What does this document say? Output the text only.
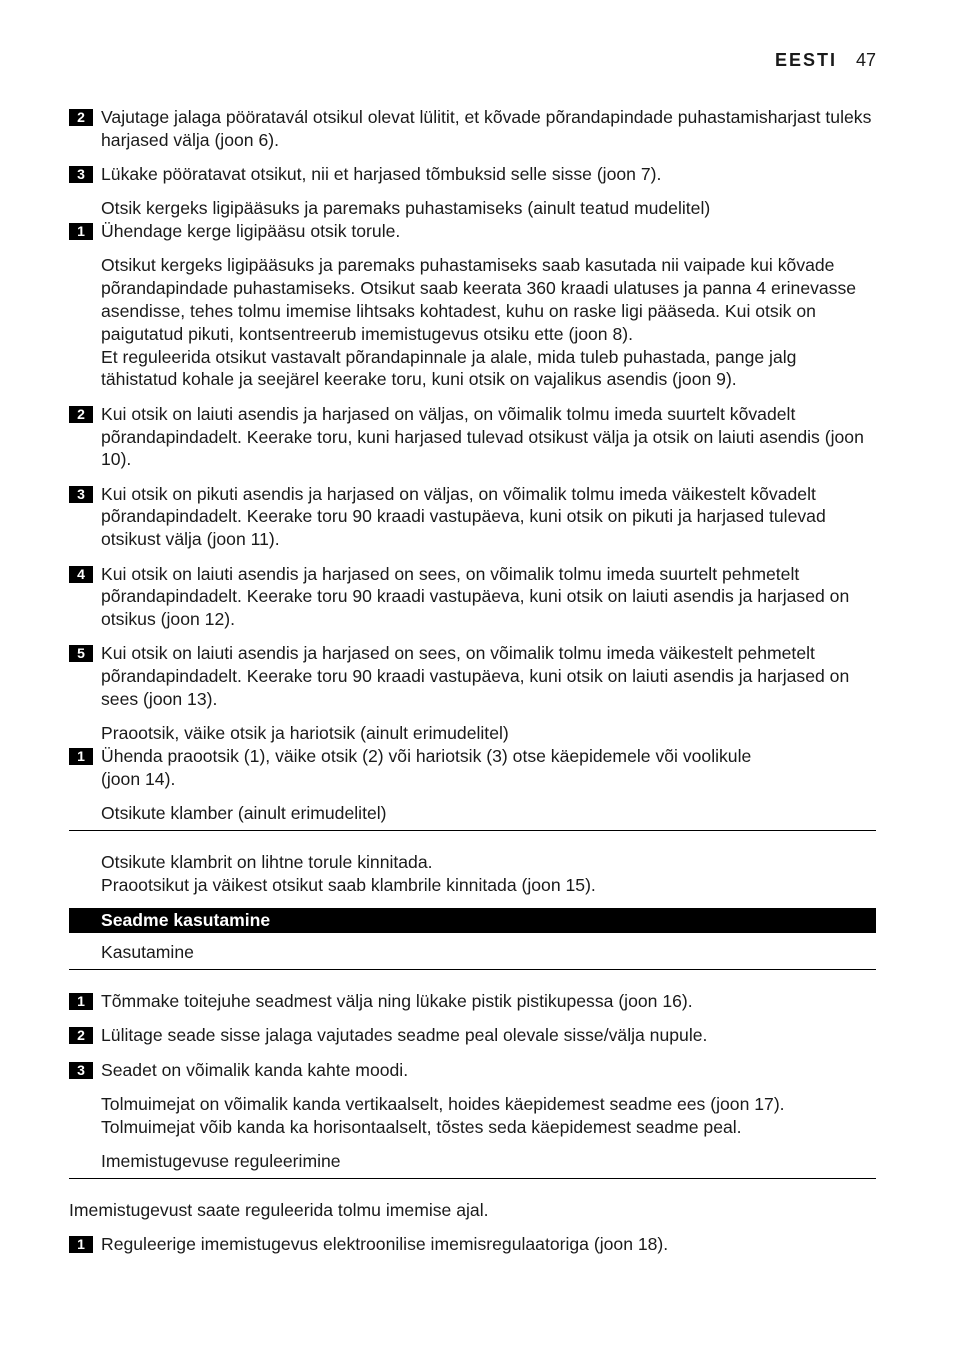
EESTI 47
2 Vajutage jalaga pööratavál otsikul olevat lülitit, et kõvade põrandapindade puhastamisharjast tuleks harjased välja (joon 6).
3 Lükake pööratavat otsikut, nii et harjased tõmbuksid selle sisse (joon 7).
Otsik kergeks ligipääsuks ja paremaks puhastamiseks (ainult teatud mudelitel)
1 Ühendage kerge ligipääsu otsik torule.
Otsikut kergeks ligipääsuks ja paremaks puhastamiseks saab kasutada nii vaipade kui kõvade põrandapindade puhastamiseks. Otsikut saab keerata 360 kraadi ulatuses ja panna 4 erinevasse asendisse, tehes tolmu imemise lihtsaks kohtadest, kuhu on raske ligi pääseda. Kui otsik on paigutatud pikuti, kontsentreerub imemistugevus otsiku ette (joon 8).
Et reguleerida otsikut vastavalt põrandapinnale ja alale, mida tuleb puhastada, pange jalg tähistatud kohale ja seejärel keerake toru, kuni otsik on vajalikus asendis (joon 9).
2 Kui otsik on laiuti asendis ja harjased on väljas, on võimalik tolmu imeda suurtelt kõvadelt põrandapindadelt. Keerake toru, kuni harjased tulevad otsikust välja ja otsik on laiuti asendis (joon 10).
3 Kui otsik on pikuti asendis ja harjased on väljas, on võimalik tolmu imeda väikestelt kõvadelt põrandapindadelt. Keerake toru 90 kraadi vastupäeva, kuni otsik on pikuti ja harjased tulevad otsikust välja (joon 11).
4 Kui otsik on laiuti asendis ja harjased on sees, on võimalik tolmu imeda suurtelt pehmetelt põrandapindadelt. Keerake toru 90 kraadi vastupäeva, kuni otsik on laiuti asendis ja harjased on otsikus (joon 12).
5 Kui otsik on laiuti asendis ja harjased on sees, on võimalik tolmu imeda väikestelt pehmetelt põrandapindadelt. Keerake toru 90 kraadi vastupäeva, kuni otsik on laiuti asendis ja harjased on sees (joon 13).
Praootsik, väike otsik ja hariotsik (ainult erimudelitel)
1 Ühenda praootsik (1), väike otsik (2) või hariotsik (3) otse käepidemele või voolikule
(joon 14).
Otsikute klamber (ainult erimudelitel)
Otsikute klambrit on lihtne torule kinnitada.
Praootsikut ja väikest otsikut saab klambrile kinnitada (joon 15).
Seadme kasutamine
Kasutamine
1 Tõmmake toitejuhe seadmest välja ning lükake pistik pistikupessa (joon 16).
2 Lülitage seade sisse jalaga vajutades seadme peal olevale sisse/välja nupule.
3 Seadet on võimalik kanda kahte moodi.
Tolmuimejat on võimalik kanda vertikaalselt, hoides käepidemest seadme ees (joon 17).
Tolmuimejat võib kanda ka horisontaalselt, tõstes seda käepidemest seadme peal.
Imemistugevuse reguleerimine
Imemistugevust saate reguleerida tolmu imemise ajal.
1 Reguleerige imemistugevus elektroonilise imemisregulaatoriga (joon 18).
